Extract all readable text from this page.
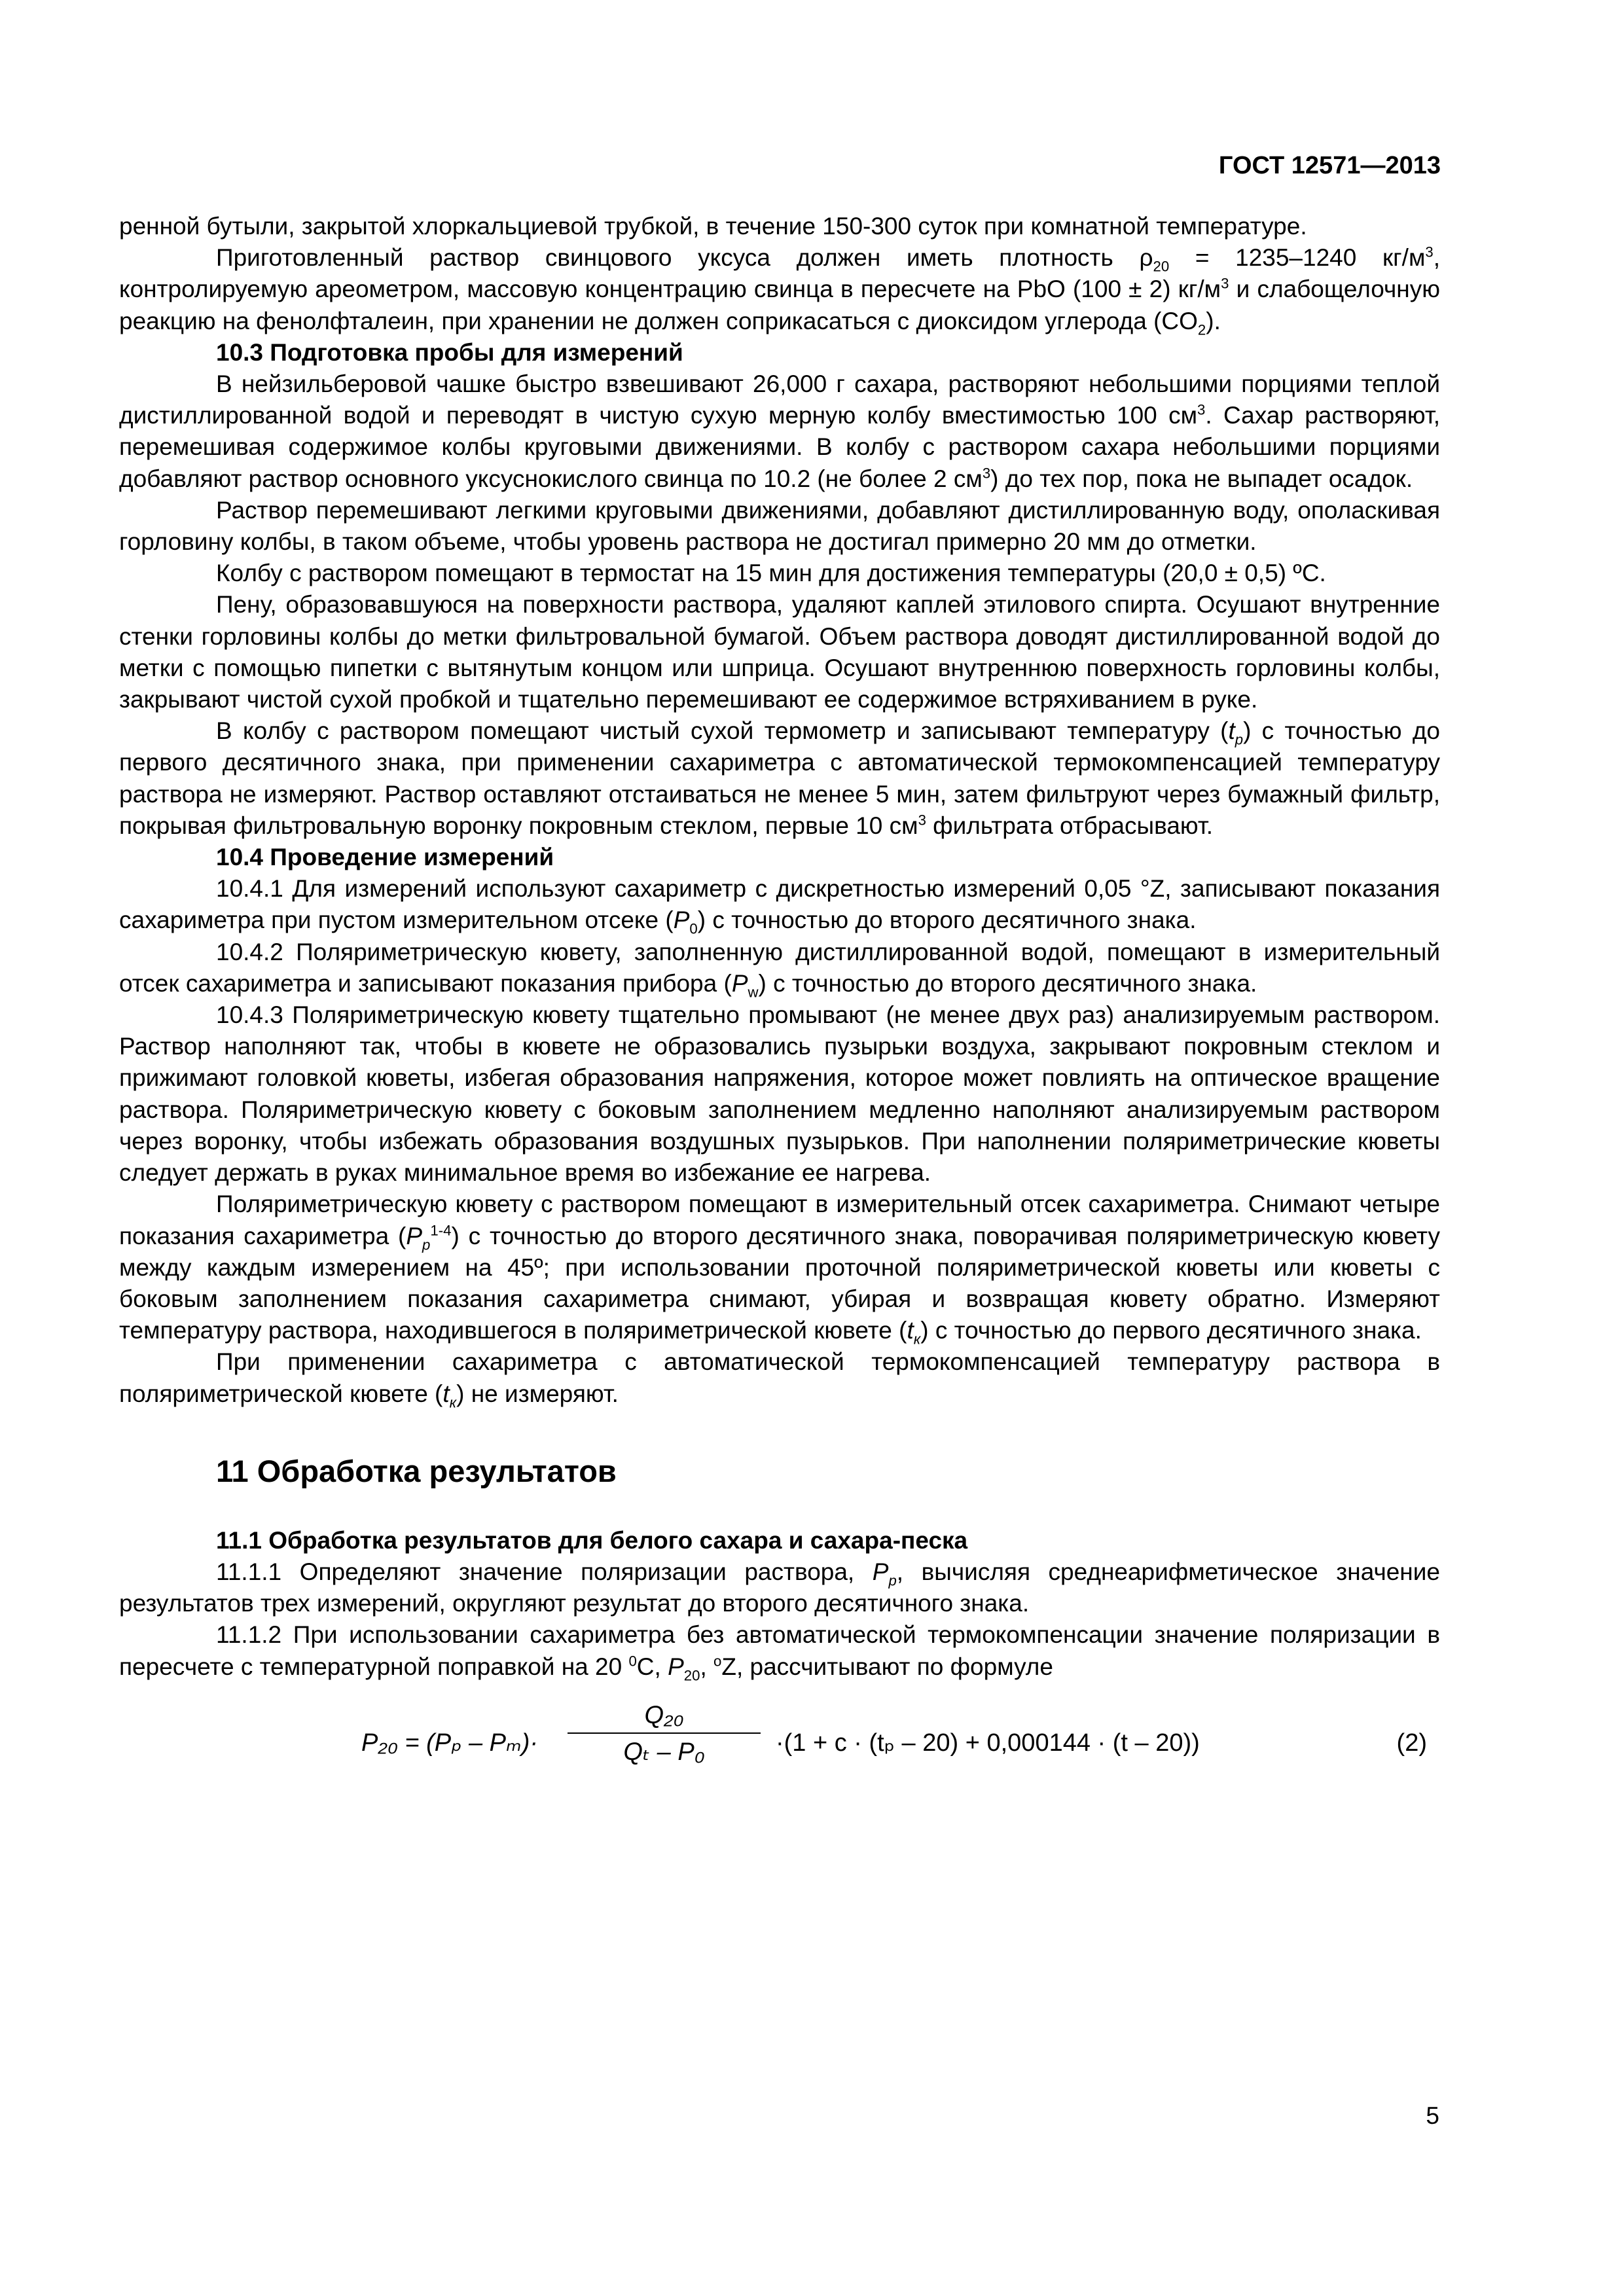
ГОСТ 12571—2013

ренной бутыли, закрытой хлоркальциевой трубкой, в течение 150-300 суток при комнатной температуре.

Приготовленный раствор свинцового уксуса должен иметь плотность $\rho_{20} = 1235-1240$ $кг/м^3$, контролируемую ареометром, массовую концентрацию свинца в пересчете на PbO (100 ± 2) $кг/м^3$ и слабощелочную реакцию на фенолфталеин, при хранении не должен соприкасаться с диоксидом углерода $(CO_2)$.

10.3 Подготовка пробы для измерений

В нейзильберовой чашке быстро взвешивают 26,000 г сахара, растворяют небольшими порциями теплой дистиллированной водой и переводят в чистую сухую мерную колбу вместимостью 100 $см^3$. Сахар растворяют, перемешивая содержимое колбы круговыми движениями. В колбу с раствором сахара небольшими порциями добавляют раствор основного уксуснокислого свинца по 10.2 (не более 2 $см^3$) до тех пор, пока не выпадет осадок.

Раствор перемешивают легкими круговыми движениями, добавляют дистиллированную воду, ополаскивая горловину колбы, в таком объеме, чтобы уровень раствора не достигал примерно 20 мм до отметки.

Колбу с раствором помещают в термостат на 15 мин для достижения температуры (20,0 ± 0,5) ºС.

Пену, образовавшуюся на поверхности раствора, удаляют каплей этилового спирта. Осушают внутренние стенки горловины колбы до метки фильтровальной бумагой. Объем раствора доводят дистиллированной водой до метки с помощью пипетки с вытянутым концом или шприца. Осушают внутреннюю поверхность горловины колбы, закрывают чистой сухой пробкой и тщательно перемешивают ее содержимое встряхиванием в руке.

В колбу с раствором помещают чистый сухой термометр и записывают температуру $(t_p)$ с точностью до первого десятичного знака, при применении сахариметра с автоматической термокомпенсацией температуру раствора не измеряют. Раствор оставляют отстаиваться не менее 5 мин, затем фильтруют через бумажный фильтр, покрывая фильтровальную воронку покровным стеклом, первые 10 $см^3$ фильтрата отбрасывают.

10.4 Проведение измерений

10.4.1 Для измерений используют сахариметр с дискретностью измерений 0,05 °Z, записывают показания сахариметра при пустом измерительном отсеке $(P_0)$ с точностью до второго десятичного знака.

10.4.2 Поляриметрическую кювету, заполненную дистиллированной водой, помещают в измерительный отсек сахариметра и записывают показания прибора $(P_w)$ с точностью до второго десятичного знака.

10.4.3 Поляриметрическую кювету тщательно промывают (не менее двух раз) анализируемым раствором. Раствор наполняют так, чтобы в кювете не образовались пузырьки воздуха, закрывают покровным стеклом и прижимают головкой кюветы, избегая образования напряжения, которое может повлиять на оптическое вращение раствора. Поляриметрическую кювету с боковым заполнением медленно наполняют анализируемым раствором через воронку, чтобы избежать образования воздушных пузырьков. При наполнении поляриметрические кюветы следует держать в руках минимальное время во избежание ее нагрева.

Поляриметрическую кювету с раствором помещают в измерительный отсек сахариметра. Снимают четыре показания сахариметра $(P_p^{1-4})$ с точностью до второго десятичного знака, поворачивая поляриметрическую кювету между каждым измерением на 45º; при использовании проточной поляриметрической кюветы или кюветы с боковым заполнением показания сахариметра снимают, убирая и возвращая кювету обратно. Измеряют температуру раствора, находившегося в поляриметрической кювете $(t_к)$ с точностью до первого десятичного знака.

При применении сахариметра с автоматической термокомпенсацией температуру раствора в поляриметрической кювете $(t_к)$ не измеряют.

11 Обработка результатов

11.1 Обработка результатов для белого сахара и сахара-песка

11.1.1 Определяют значение поляризации раствора, $P_p$, вычисляя среднеарифметическое значение результатов трех измерений, округляют результат до второго десятичного знака.

11.1.2 При использовании сахариметра без автоматической термокомпенсации значение поляризации в пересчете с температурной поправкой на 20 $^0$С, $P_{20}$, $^o$Z, рассчитывают по формуле

P₂₀ = (Pₚ – Pₘ)·
Q₂₀
Qₜ – P₀	·(1 + c · (tₚ – 20) + 0,000144 · (t – 20))	(2)
5
